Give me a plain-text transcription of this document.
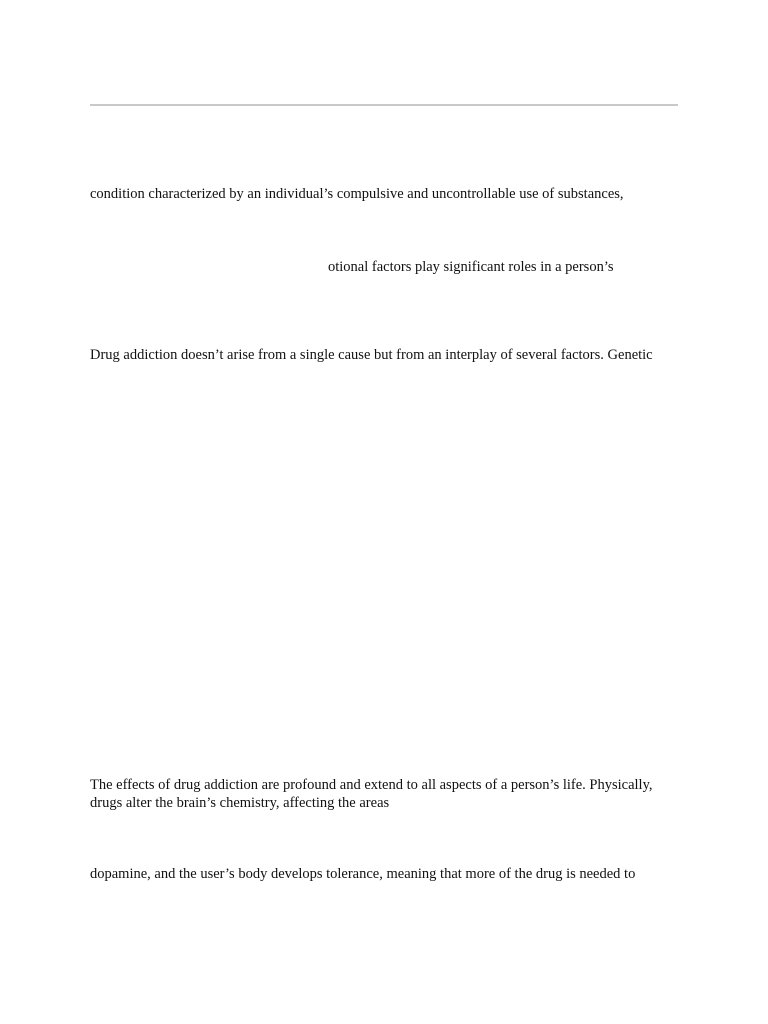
condition characterized by an individual’s compulsive and uncontrollable use of substances,
otional factors play significant roles in a person’s
Drug addiction doesn’t arise from a single cause but from an interplay of several factors. Genetic
The effects of drug addiction are profound and extend to all aspects of a person’s life. Physically,
drugs alter the brain’s chemistry, affecting the areas
dopamine, and the user’s body develops tolerance, meaning that more of the drug is needed to
